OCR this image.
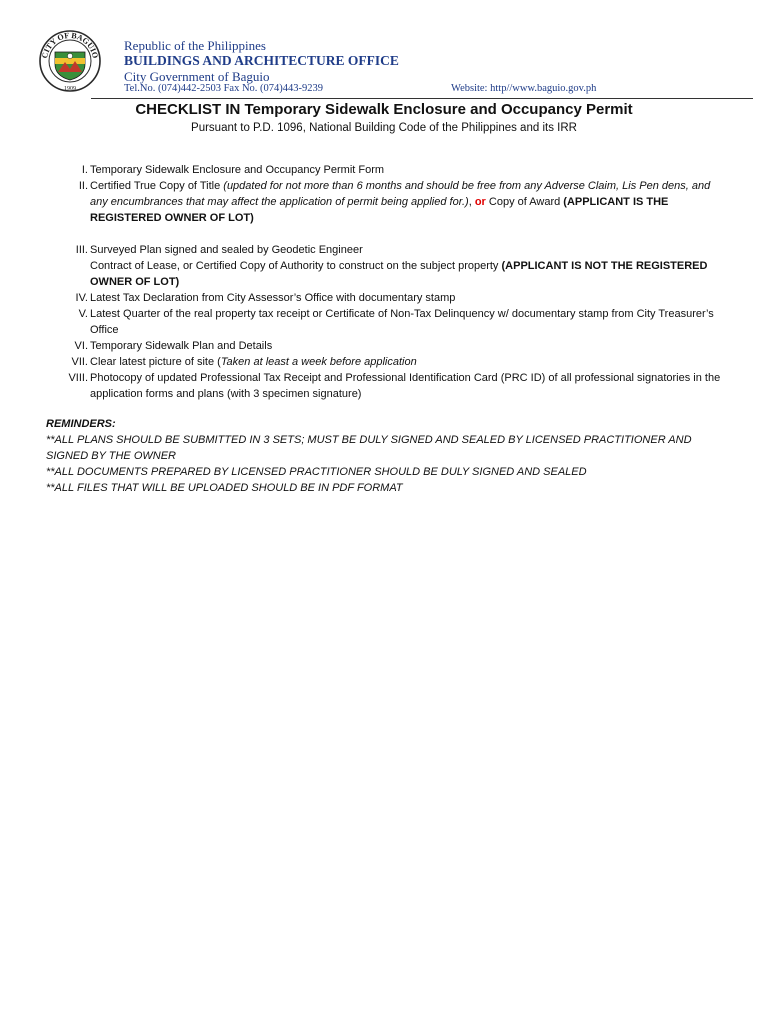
CITY OF BAGUIO
1909
Republic of the Philippines
BUILDINGS AND ARCHITECTURE OFFICE
City Government of Baguio
Tel.No. (074)442-2503 Fax No. (074)443-9239	Website: http//www.baguio.gov.ph
CHECKLIST IN Temporary Sidewalk Enclosure and Occupancy Permit
Pursuant to P.D. 1096, National Building Code of the Philippines and its IRR
I. Temporary Sidewalk Enclosure and Occupancy Permit Form
II. Certified True Copy of Title (updated for not more than 6 months and should be free from any Adverse Claim, Lis Pen dens, and any encumbrances that may affect the application of permit being applied for.), or Copy of Award (APPLICANT IS THE REGISTERED OWNER OF LOT)
III. Surveyed Plan signed and sealed by Geodetic Engineer
Contract of Lease, or Certified Copy of Authority to construct on the subject property (APPLICANT IS NOT THE REGISTERED OWNER OF LOT)
IV. Latest Tax Declaration from City Assessor’s Office with documentary stamp
V. Latest Quarter of the real property tax receipt or Certificate of Non-Tax Delinquency w/ documentary stamp from City Treasurer’s Office
VI. Temporary Sidewalk Plan and Details
VII. Clear latest picture of site (Taken at least a week before application
VIII. Photocopy of updated Professional Tax Receipt and Professional Identification Card (PRC ID) of all professional signatories in the application forms and plans (with 3 specimen signature)
REMINDERS:
**ALL PLANS SHOULD BE SUBMITTED IN 3 SETS; MUST BE DULY SIGNED AND SEALED BY LICENSED PRACTITIONER AND SIGNED BY THE OWNER
**ALL DOCUMENTS PREPARED BY LICENSED PRACTITIONER SHOULD BE DULY SIGNED AND SEALED
**ALL FILES THAT WILL BE UPLOADED SHOULD BE IN PDF FORMAT
